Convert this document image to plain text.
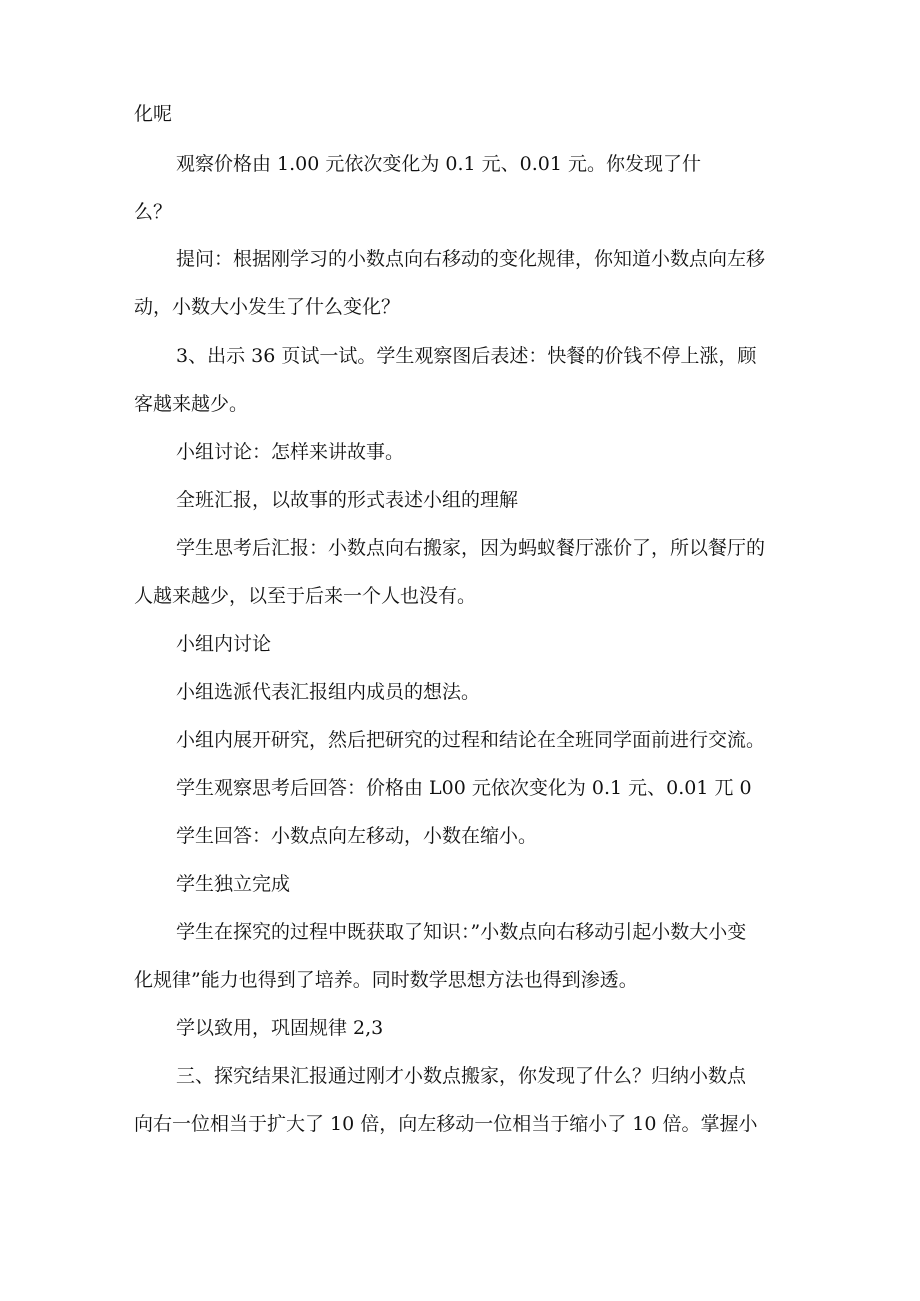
化呢
观察价格由 1.00 元依次变化为 0.1 元、0.01 元。你发现了什
么？
提问：根据刚学习的小数点向右移动的变化规律，你知道小数点向左移
动，小数大小发生了什么变化？
3、出示 36 页试一试。学生观察图后表述：快餐的价钱不停上涨，顾
客越来越少。
小组讨论：怎样来讲故事。
全班汇报，以故事的形式表述小组的理解
学生思考后汇报：小数点向右搬家，因为蚂蚁餐厅涨价了，所以餐厅的
人越来越少，以至于后来一个人也没有。
小组内讨论
小组选派代表汇报组内成员的想法。
小组内展开研究，然后把研究的过程和结论在全班同学面前进行交流。
学生观察思考后回答：价格由 L00 元依次变化为 0.1 元、0.01 兀 0
学生回答：小数点向左移动，小数在缩小。
学生独立完成
学生在探究的过程中既获取了知识：”小数点向右移动引起小数大小变
化规律”能力也得到了培养。同时数学思想方法也得到渗透。
学以致用，巩固规律 2,3
三、探究结果汇报通过刚才小数点搬家，你发现了什么？归纳小数点
向右一位相当于扩大了 10 倍，向左移动一位相当于缩小了 10 倍。掌握小
